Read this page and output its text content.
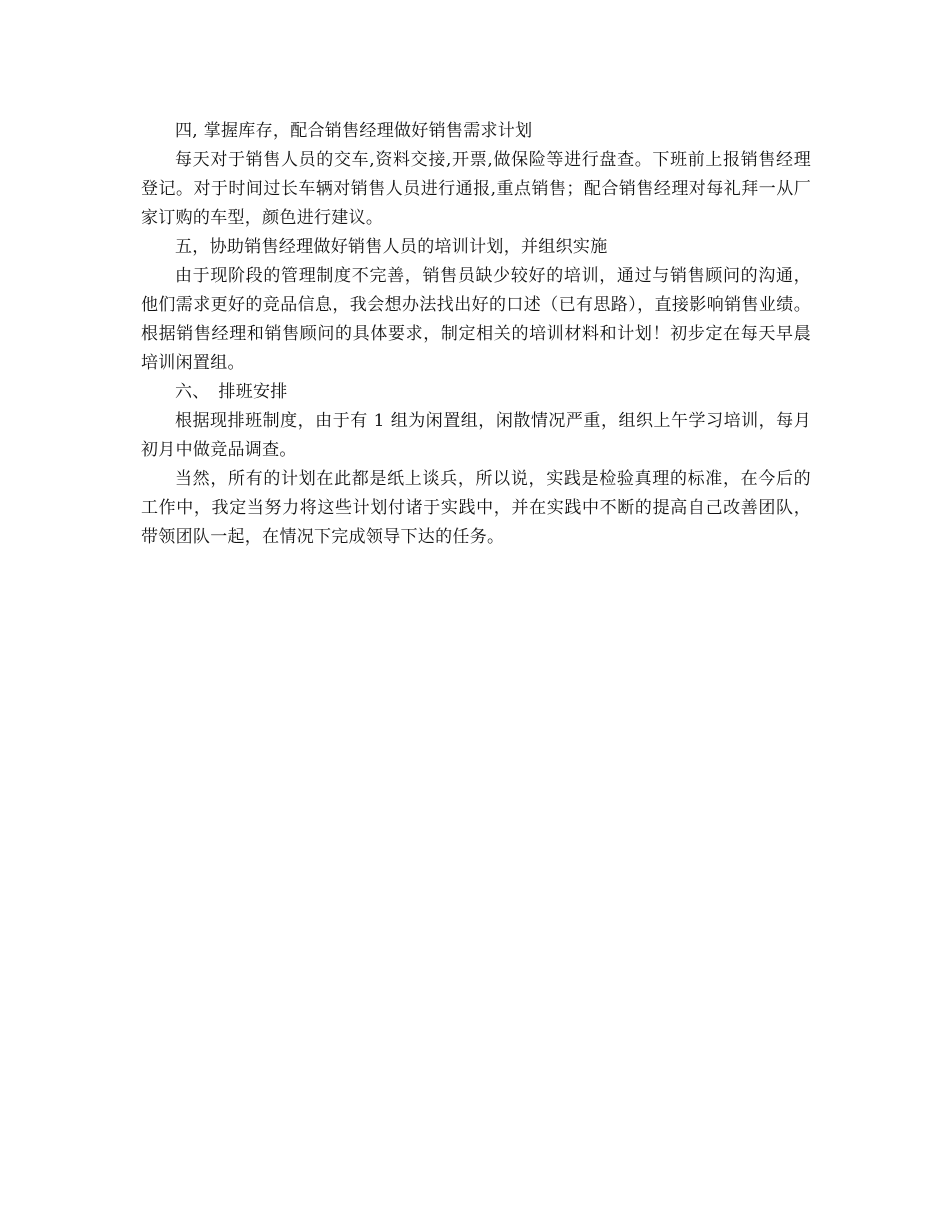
四, 掌握库存，配合销售经理做好销售需求计划

每天对于销售人员的交车,资料交接,开票,做保险等进行盘查。下班前上报销售经理登记。对于时间过长车辆对销售人员进行通报,重点销售；配合销售经理对每礼拜一从厂家订购的车型，颜色进行建议。

五，协助销售经理做好销售人员的培训计划，并组织实施

由于现阶段的管理制度不完善，销售员缺少较好的培训，通过与销售顾问的沟通，他们需求更好的竞品信息，我会想办法找出好的口述（已有思路），直接影响销售业绩。根据销售经理和销售顾问的具体要求，制定相关的培训材料和计划！初步定在每天早晨培训闲置组。

六、　排班安排

根据现排班制度，由于有 1 组为闲置组，闲散情况严重，组织上午学习培训，每月初月中做竞品调查。

当然，所有的计划在此都是纸上谈兵，所以说，实践是检验真理的标准，在今后的工作中，我定当努力将这些计划付诸于实践中，并在实践中不断的提高自己改善团队，带领团队一起，在情况下完成领导下达的任务。
